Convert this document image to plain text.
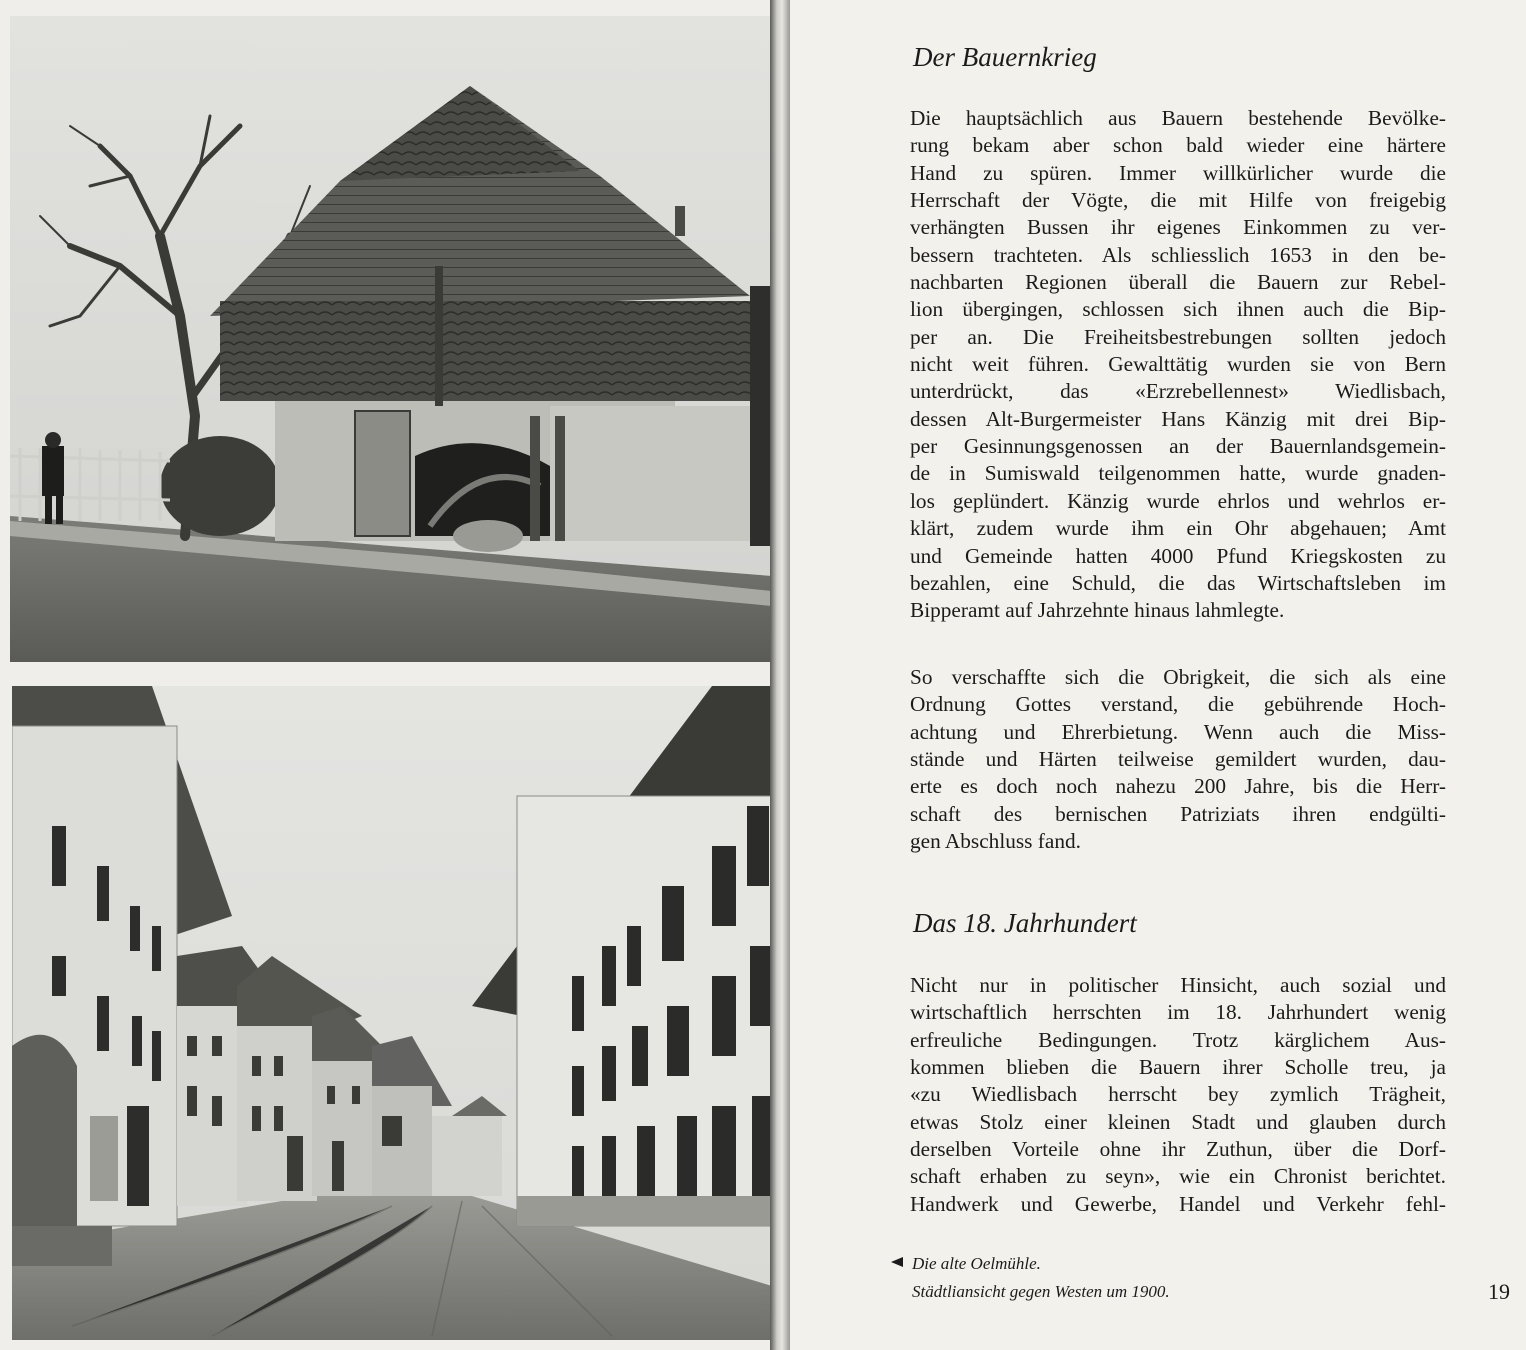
Der Bauernkrieg
Die hauptsächlich aus Bauern bestehende Bevölke-
rung bekam aber schon bald wieder eine härtere
Hand zu spüren. Immer willkürlicher wurde die
Herrschaft der Vögte, die mit Hilfe von freigebig
verhängten Bussen ihr eigenes Einkommen zu ver-
bessern trachteten. Als schliesslich 1653 in den be-
nachbarten Regionen überall die Bauern zur Rebel-
lion übergingen, schlossen sich ihnen auch die Bip-
per an. Die Freiheitsbestrebungen sollten jedoch
nicht weit führen. Gewalttätig wurden sie von Bern
unterdrückt, das «Erzrebellennest» Wiedlisbach,
dessen Alt-Burgermeister Hans Känzig mit drei Bip-
per Gesinnungsgenossen an der Bauernlandsgemein-
de in Sumiswald teilgenommen hatte, wurde gnaden-
los geplündert. Känzig wurde ehrlos und wehrlos er-
klärt, zudem wurde ihm ein Ohr abgehauen; Amt
und Gemeinde hatten 4000 Pfund Kriegskosten zu
bezahlen, eine Schuld, die das Wirtschaftsleben im
Bipperamt auf Jahrzehnte hinaus lahmlegte.
So verschaffte sich die Obrigkeit, die sich als eine
Ordnung Gottes verstand, die gebührende Hoch-
achtung und Ehrerbietung. Wenn auch die Miss-
stände und Härten teilweise gemildert wurden, dau-
erte es doch noch nahezu 200 Jahre, bis die Herr-
schaft des bernischen Patriziats ihren endgülti-
gen Abschluss fand.
Das 18. Jahrhundert
Nicht nur in politischer Hinsicht, auch sozial und
wirtschaftlich herrschten im 18. Jahrhundert wenig
erfreuliche Bedingungen. Trotz kärglichem Aus-
kommen blieben die Bauern ihrer Scholle treu, ja
«zu Wiedlisbach herrscht bey zymlich Trägheit,
etwas Stolz einer kleinen Stadt und glauben durch
derselben Vorteile ohne ihr Zuthun, über die Dorf-
schaft erhaben zu seyn», wie ein Chronist berichtet.
Handwerk und Gewerbe, Handel und Verkehr fehl-
Die alte Oelmühle.
Städtliansicht gegen Westen um 1900.	19
